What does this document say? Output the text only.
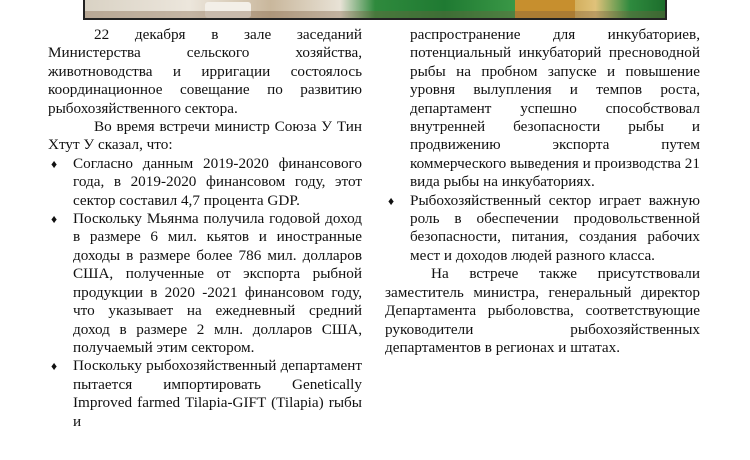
22 декабря в зале заседаний Министерства сельского хозяйства, животноводства и ирригации состоялось координационное совещание по развитию рыбохозяйственного сектора.

Во время встречи министр Союза У Тин Хтут У сказал, что:

♦ Согласно данным 2019-2020 финансового года, в 2019-2020 финансовом году, этот сектор составил 4,7 процента GDP.

♦ Поскольку Мьянма получила годовой доход в размере 6 мил. кьятов и иностранные доходы в размере более 786 мил. долларов США, полученные от экспорта рыбной продукции в 2020 -2021 финансовом году, что указывает на ежедневный средний доход в размере 2 млн. долларов США, получаемый этим сектором.

♦ Поскольку рыбохозяйственный департамент пытается импортировать Genetically Improved farmed Tilapia-GIFT (Tilapia) rыбы и

распространение для инкубаториев, потенциальный инкубаторий пресноводной рыбы на пробном запуске и повышение уровня вылупления и темпов роста, департамент успешно способствовал внутренней безопасности рыбы и продвижению экспорта путем коммерческого выведения и производства 21 вида рыбы на инкубаториях.

♦ Рыбохозяйственный сектор играет важную роль в обеспечении продовольственной безопасности, питания, создания рабочих мест и доходов людей разного класса.

На встрече также присутствовали заместитель министра, генеральный директор Департамента рыболовства, соответствующие руководители рыбохозяйственных департаментов в регионах и штатах.
